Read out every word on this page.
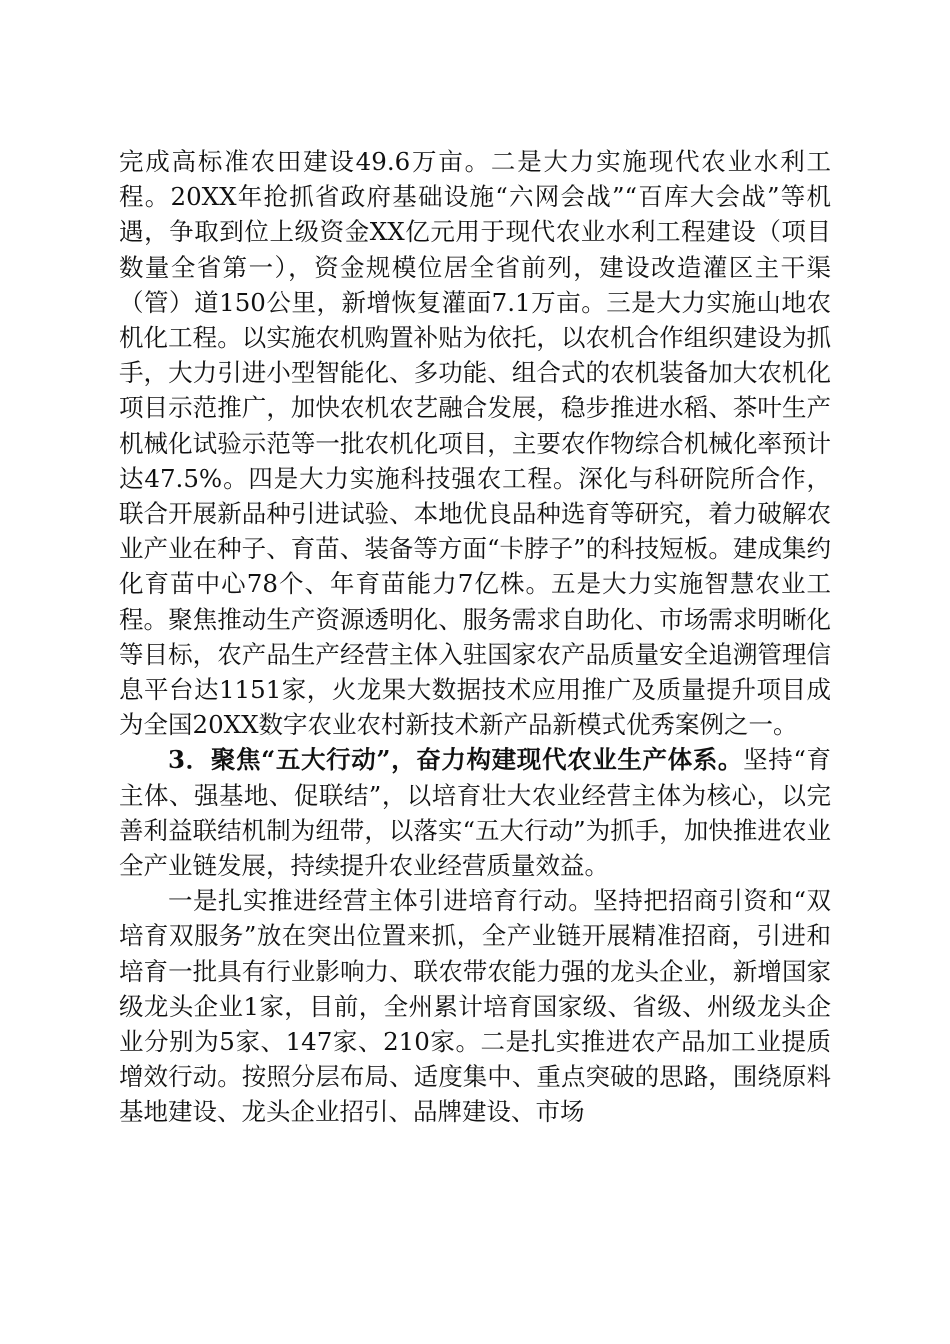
完成高标准农田建设49.6万亩。二是大力实施现代农业水利工程。20XX年抢抓省政府基础设施“六网会战”“百库大会战”等机遇，争取到位上级资金XX亿元用于现代农业水利工程建设（项目数量全省第一），资金规模位居全省前列，建设改造灌区主干渠（管）道150公里，新增恢复灌面7.1万亩。三是大力实施山地农机化工程。以实施农机购置补贴为依托，以农机合作组织建设为抓手，大力引进小型智能化、多功能、组合式的农机装备加大农机化项目示范推广，加快农机农艺融合发展，稳步推进水稻、茶叶生产机械化试验示范等一批农机化项目，主要农作物综合机械化率预计达47.5%。四是大力实施科技强农工程。深化与科研院所合作，联合开展新品种引进试验、本地优良品种选育等研究，着力破解农业产业在种子、育苗、装备等方面“卡脖子”的科技短板。建成集约化育苗中心78个、年育苗能力7亿株。五是大力实施智慧农业工程。聚焦推动生产资源透明化、服务需求自助化、市场需求明晰化等目标，农产品生产经营主体入驻国家农产品质量安全追溯管理信息平台达1151家，火龙果大数据技术应用推广及质量提升项目成为全国20XX数字农业农村新技术新产品新模式优秀案例之一。

3．聚焦“五大行动”，奋力构建现代农业生产体系。坚持“育主体、强基地、促联结”，以培育壮大农业经营主体为核心，以完善利益联结机制为纽带，以落实“五大行动”为抓手，加快推进农业全产业链发展，持续提升农业经营质量效益。

一是扎实推进经营主体引进培育行动。坚持把招商引资和“双培育双服务”放在突出位置来抓，全产业链开展精准招商，引进和培育一批具有行业影响力、联农带农能力强的龙头企业，新增国家级龙头企业1家，目前，全州累计培育国家级、省级、州级龙头企业分别为5家、147家、210家。二是扎实推进农产品加工业提质增效行动。按照分层布局、适度集中、重点突破的思路，围绕原料基地建设、龙头企业招引、品牌建设、市场
